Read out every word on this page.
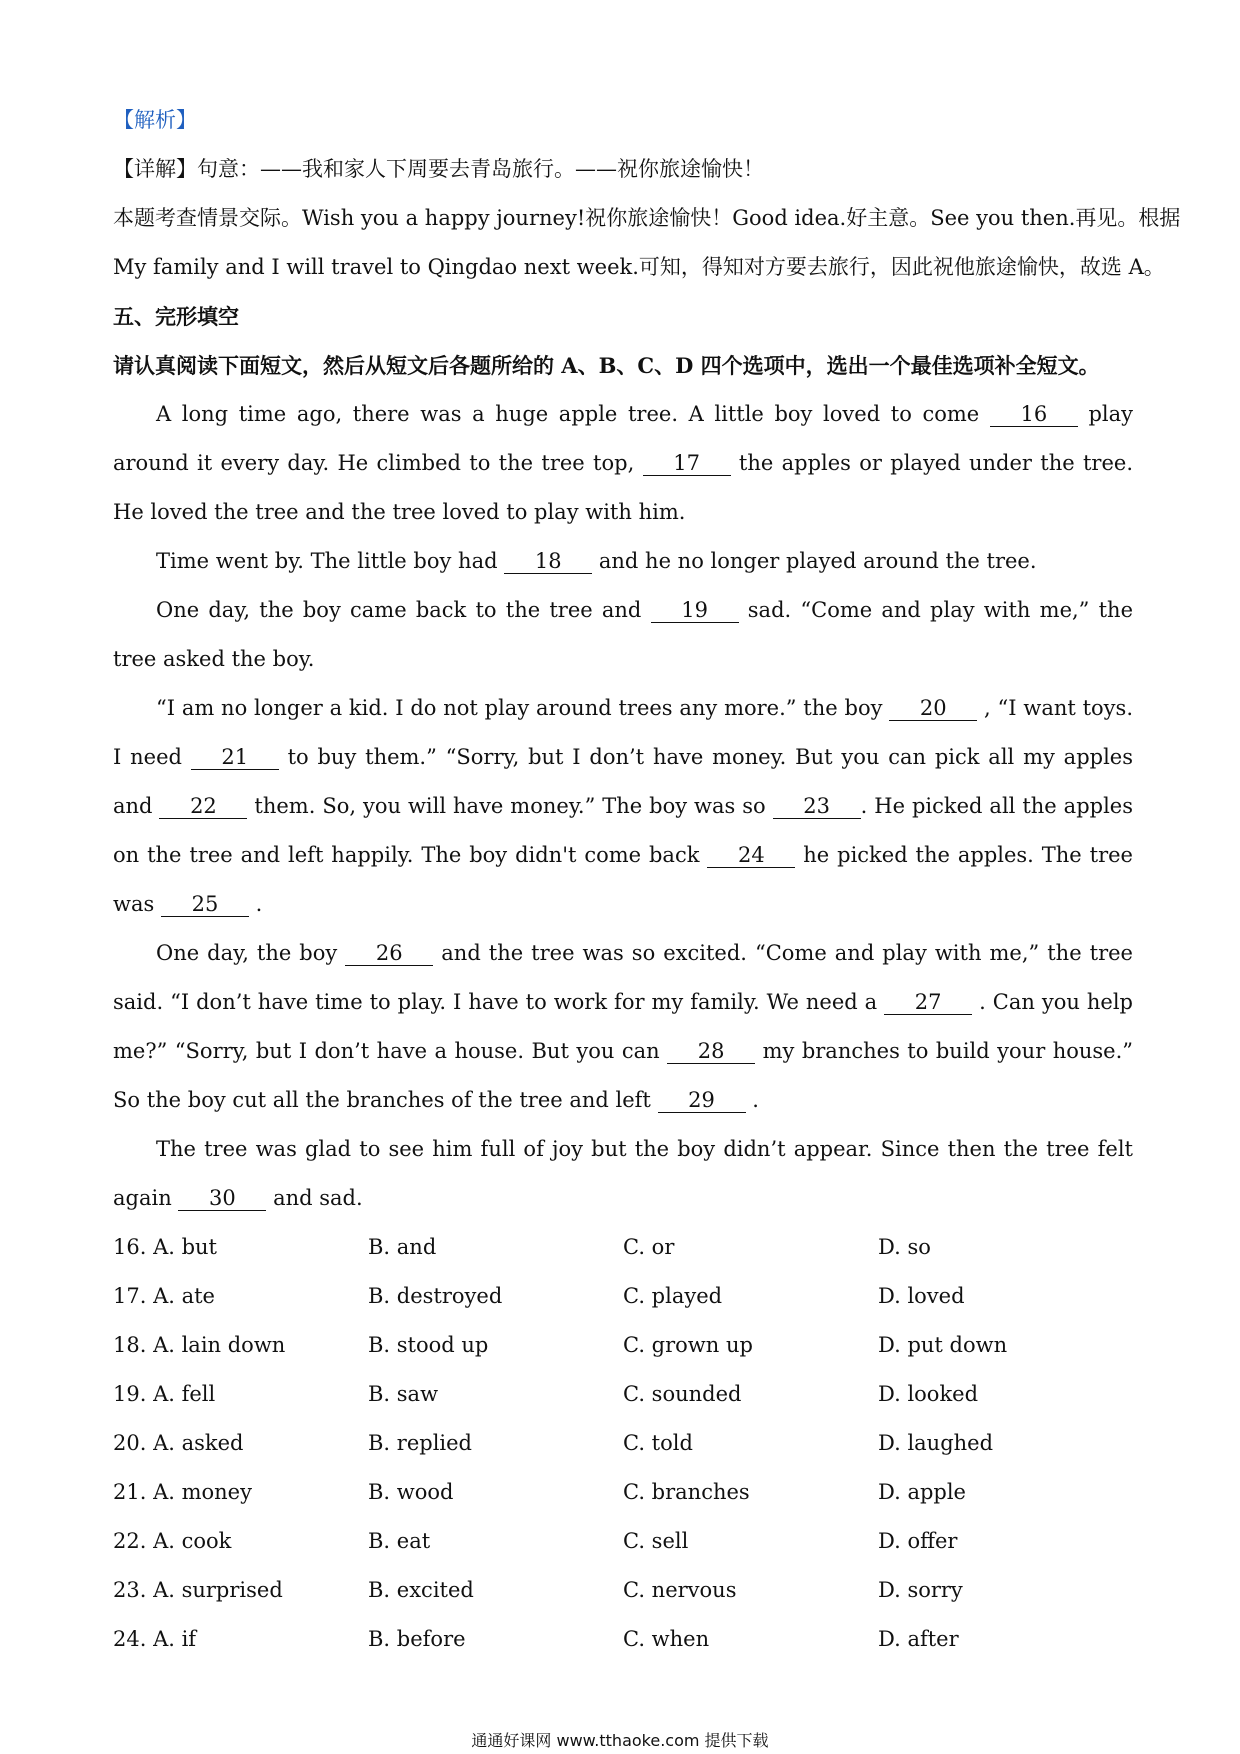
【解析】
【详解】句意：——我和家人下周要去青岛旅行。——祝你旅途愉快！
本题考查情景交际。Wish you a happy journey!祝你旅途愉快！Good idea.好主意。See you then.再见。根据
My family and I will travel to Qingdao next week.可知，得知对方要去旅行，因此祝他旅途愉快，故选 A。
五、完形填空
请认真阅读下面短文，然后从短文后各题所给的 A、B、C、D 四个选项中，选出一个最佳选项补全短文。
A long time ago, there was a huge apple tree. A little boy loved to come 16 play around it every day. He climbed to the tree top, 17 the apples or played under the tree. He loved the tree and the tree loved to play with him.
Time went by. The little boy had 18 and he no longer played around the tree.
One day, the boy came back to the tree and 19 sad. “Come and play with me,” the tree asked the boy.
“I am no longer a kid. I do not play around trees any more.” the boy 20 , “I want toys. I need 21 to buy them.” “Sorry, but I don’t have money. But you can pick all my apples and 22 them. So, you will have money.” The boy was so 23 . He picked all the apples on the tree and left happily. The boy didn't come back 24 he picked the apples. The tree was 25 .
One day, the boy 26 and the tree was so excited. “Come and play with me,” the tree said. “I don’t have time to play. I have to work for my family. We need a 27 . Can you help me?” “Sorry, but I don’t have a house. But you can 28 my branches to build your house.” So the boy cut all the branches of the tree and left 29 .
The tree was glad to see him full of joy but the boy didn’t appear. Since then the tree felt again 30 and sad.
16. A. but	B. and	C. or	D. so
17. A. ate	B. destroyed	C. played	D. loved
18. A. lain down	B. stood up	C. grown up	D. put down
19. A. fell	B. saw	C. sounded	D. looked
20. A. asked	B. replied	C. told	D. laughed
21. A. money	B. wood	C. branches	D. apple
22. A. cook	B. eat	C. sell	D. offer
23. A. surprised	B. excited	C. nervous	D. sorry
24. A. if	B. before	C. when	D. after
通通好课网 www.tthaoke.com 提供下载
